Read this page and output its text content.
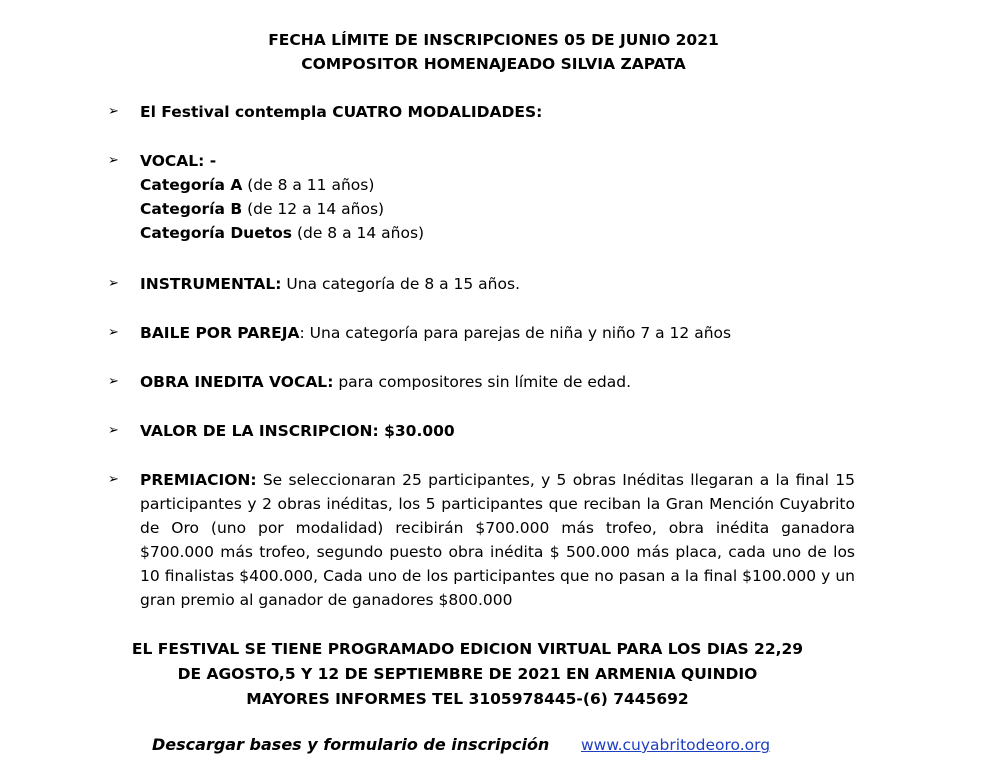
FECHA LÍMITE DE INSCRIPCIONES 05 DE JUNIO 2021
COMPOSITOR HOMENAJEADO SILVIA ZAPATA
➢ El Festival contempla CUATRO MODALIDADES:
➢ VOCAL: -
Categoría A (de 8 a 11 años)
Categoría B (de 12 a 14 años)
Categoría Duetos (de 8 a 14 años)
➢ INSTRUMENTAL: Una categoría de 8 a 15 años.
➢ BAILE POR PAREJA: Una categoría para parejas de niña y niño 7 a 12 años
➢ OBRA INEDITA VOCAL: para compositores sin límite de edad.
➢ VALOR DE LA INSCRIPCION: $30.000
➢ PREMIACION: Se seleccionaran 25 participantes, y 5 obras Inéditas llegaran a la final 15 participantes y 2 obras inéditas, los 5 participantes que reciban la Gran Mención Cuyabrito de Oro (uno por modalidad) recibirán $700.000 más trofeo, obra inédita ganadora $700.000 más trofeo, segundo puesto obra inédita $ 500.000 más placa, cada uno de los 10 finalistas $400.000, Cada uno de los participantes que no pasan a la final $100.000 y un gran premio al ganador de ganadores $800.000
EL FESTIVAL SE TIENE PROGRAMADO EDICION VIRTUAL PARA LOS DIAS 22,29
DE AGOSTO,5 Y 12 DE SEPTIEMBRE DE 2021 EN ARMENIA QUINDIO
MAYORES INFORMES TEL 3105978445-(6) 7445692
Descargar bases y formulario de inscripción www.cuyabritodeoro.org
